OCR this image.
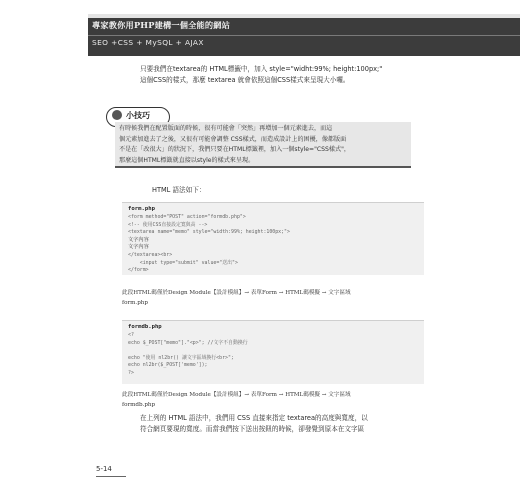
專家教你用PHP建構一個全能的網站
SEO +CSS + MySQL + AJAX
只要我們在textarea的 HTML標籤中，加入 style="widht:99%; height:100px;"
這個CSS的樣式，那麼 textarea 就會依照這個CSS樣式來呈現大小囉。
小技巧
有時候我們在配置版面的時候，很有可能會「突然」再增加一個元素進去，而這
個元素加進去了之後，又很有可能會調整 CSS樣式，而造成設計上的困擾，像都版面
不是在「改很大」的狀況下，我們只要在HTML標籤裡，加入一個style="CSS樣式"，
那麼這個HTML標籤就直接以style的樣式來呈現。
HTML 語法如下：
form.php
<form method="POST" action="formdb.php">
<!-- 使用CSS直接設定寬與高 -->
<textarea name="memo" style="width:99%; height:100px;">
文字內容
文字內容
</textarea><br>
<input type="submit" value="送出">
</form>
此段HTML碼僅於Design Module【設計模組】→ 表單Form → HTML碼模擬 → 文字區域
form.php
formdb.php
<?
echo $_POST["memo"]."<p>"; //文字不自動換行

echo "使用 nl2br() 讓文字區域換行<br>";
echo nl2br($_POST['memo']);
?>
此段HTML碼僅於Design Module【設計模組】→ 表單Form → HTML碼模擬 → 文字區域
formdb.php
在上列的 HTML 語法中，我們用 CSS 直接來指定 textarea的高度與寬度，以
符合網頁要現的寬度。而當我們按下送出按鈕的時候，卻發覺到原本在文字區
5-14
